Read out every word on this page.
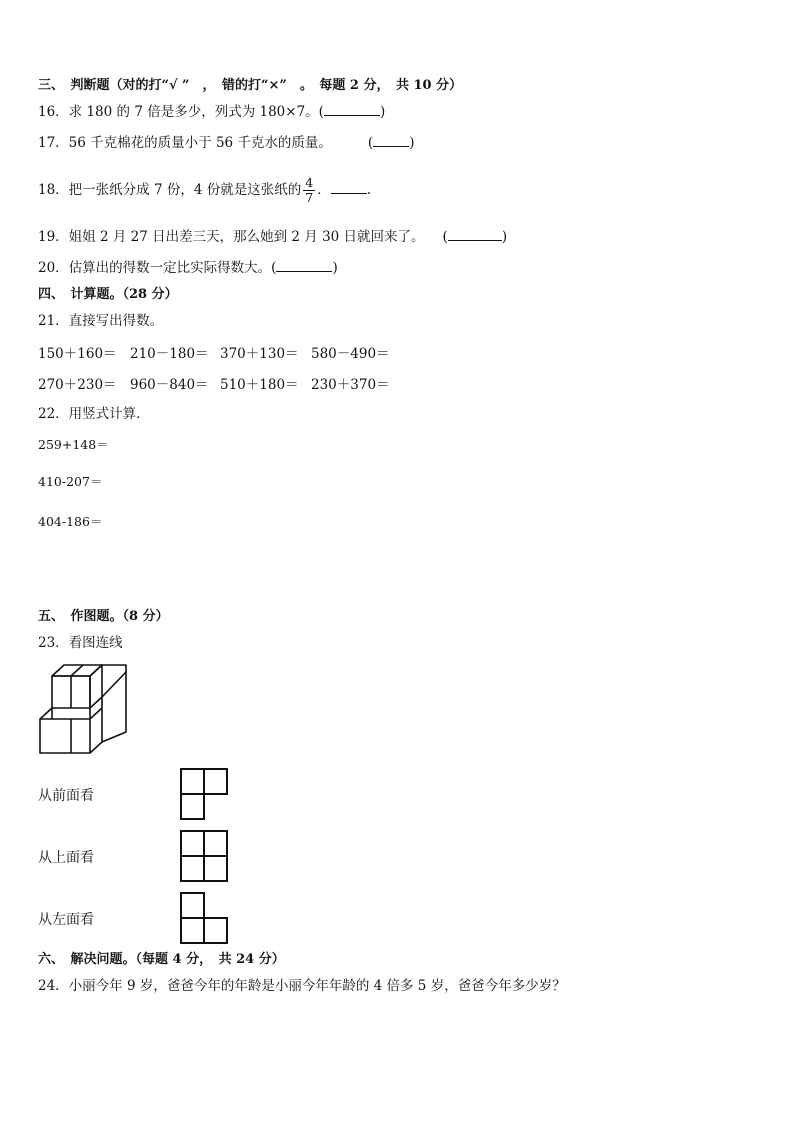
三、　判断题（对的打“√ ”　，　错的打“×”　。　每题 2 分，　共 10 分）
16．求 180 的 7 倍是多少，列式为 180×7。(	)
17．56 千克棉花的质量小于 56 千克水的质量。	(	)
18．把一张纸分成 7 份，4 份就是这张纸的 $\frac{4}{7}$ ．	.
19．姐姐 2 月 27 日出差三天，那么她到 2 月 30 日就回来了。 (	)
20．估算出的得数一定比实际得数大。(	)
四、　计算题。（28 分）
21．直接写出得数。
150＋160＝ 210－180＝ 370＋130＝ 580－490＝
270＋230＝ 960－840＝ 510＋180＝ 230＋370＝
22．用竖式计算．
259+148＝
410-207＝
404-186＝
五、　作图题。（8 分）
23．看图连线
从前面看
从上面看
从左面看
六、　解决问题。（每题 4 分，　共 24 分）
24．小丽今年 9 岁，爸爸今年的年龄是小丽今年年龄的 4 倍多 5 岁，爸爸今年多少岁？
